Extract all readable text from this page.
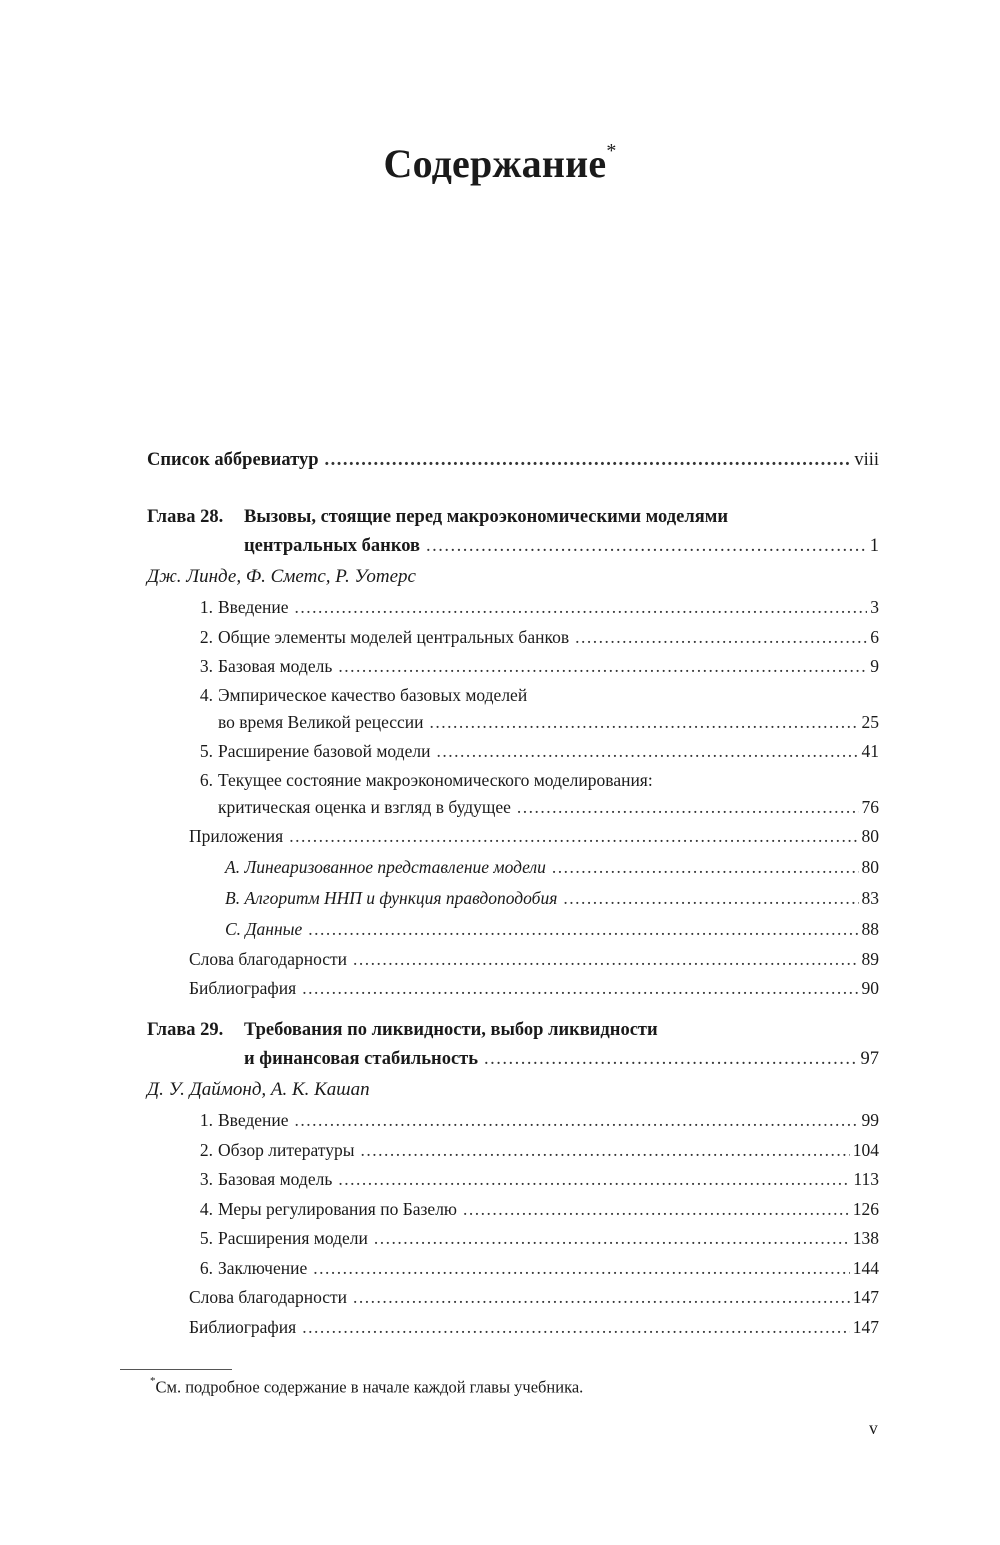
Содержание*
Список аббревиатур .....	viii
Глава 28. Вызовы, стоящие перед макроэкономическими моделями
центральных банков .....	1
Дж. Линде, Ф. Сметс, Р. Уотерс
1. Введение .....	3
2. Общие элементы моделей центральных банков .....	6
3. Базовая модель .....	9
4. Эмпирическое качество базовых моделей
во время Великой рецессии .....	25
5. Расширение базовой модели .....	41
6. Текущее состояние макроэкономического моделирования:
критическая оценка и взгляд в будущее .....	76
Приложения .....	80
A. Линеаризованное представление модели .....	80
B. Алгоритм ННП и функция правдоподобия .....	83
C. Данные .....	88
Слова благодарности .....	89
Библиография .....	90
Глава 29. Требования по ликвидности, выбор ликвидности
и финансовая стабильность .....	97
Д. У. Даймонд, А. К. Кашап
1. Введение .....	99
2. Обзор литературы .....	104
3. Базовая модель .....	113
4. Меры регулирования по Базелю .....	126
5. Расширения модели .....	138
6. Заключение .....	144
Слова благодарности .....	147
Библиография .....	147
*См. подробное содержание в начале каждой главы учебника.
v
